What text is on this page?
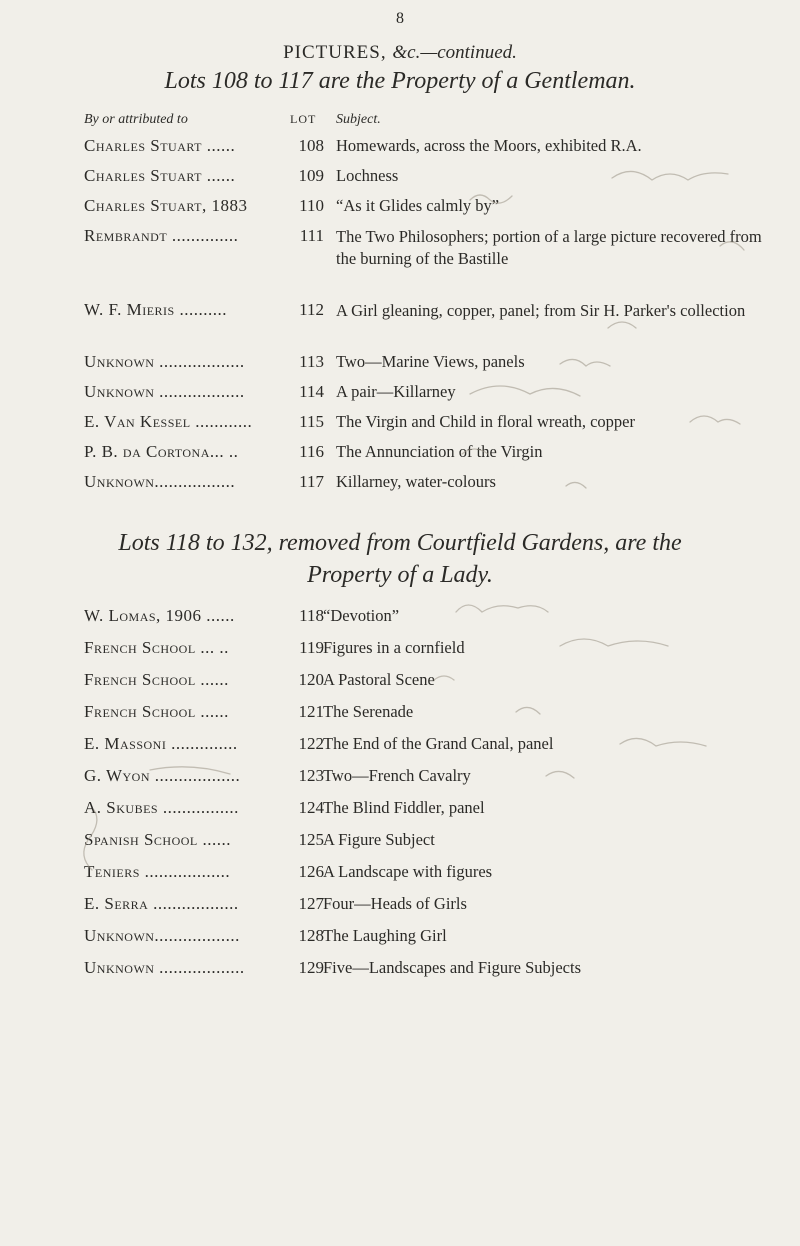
8
PICTURES, &c.—continued.
Lots 108 to 117 are the Property of a Gentleman.
By or attributed to	LOT Subject.
Charles Stuart ......	108 Homewards, across the Moors, exhibited R.A.
Charles Stuart ......	109 Lochness
Charles Stuart, 1883	110 “As it Glides calmly by”
Rembrandt ..............	111 The Two Philosophers; portion of a large picture recovered from the burning of the Bastille
W. F. Mieris ..........	112 A Girl gleaning, copper, panel; from Sir H. Parker's collection
Unknown ..................	113 Two—Marine Views, panels
Unknown ..................	114 A pair—Killarney
E. Van Kessel ............	115 The Virgin and Child in floral wreath, copper
P. B. da Cortona... ..	116 The Annunciation of the Virgin
Unknown.................	117 Killarney, water-colours
Lots 118 to 132, removed from Courtfield Gardens, are the
Property of a Lady.
W. Lomas, 1906 ......	118 “Devotion”
French School ... ..	119 Figures in a cornfield
French School ......	120 A Pastoral Scene
French School ......	121 The Serenade
E. Massoni ..............	122 The End of the Grand Canal, panel
G. Wyon ..................	123 Two—French Cavalry
A. Skubes ................	124 The Blind Fiddler, panel
Spanish School ......	125 A Figure Subject
Teniers ..................	126 A Landscape with figures
E. Serra ..................	127 Four—Heads of Girls
Unknown..................	128 The Laughing Girl
Unknown ..................	129 Five—Landscapes and Figure Subjects
